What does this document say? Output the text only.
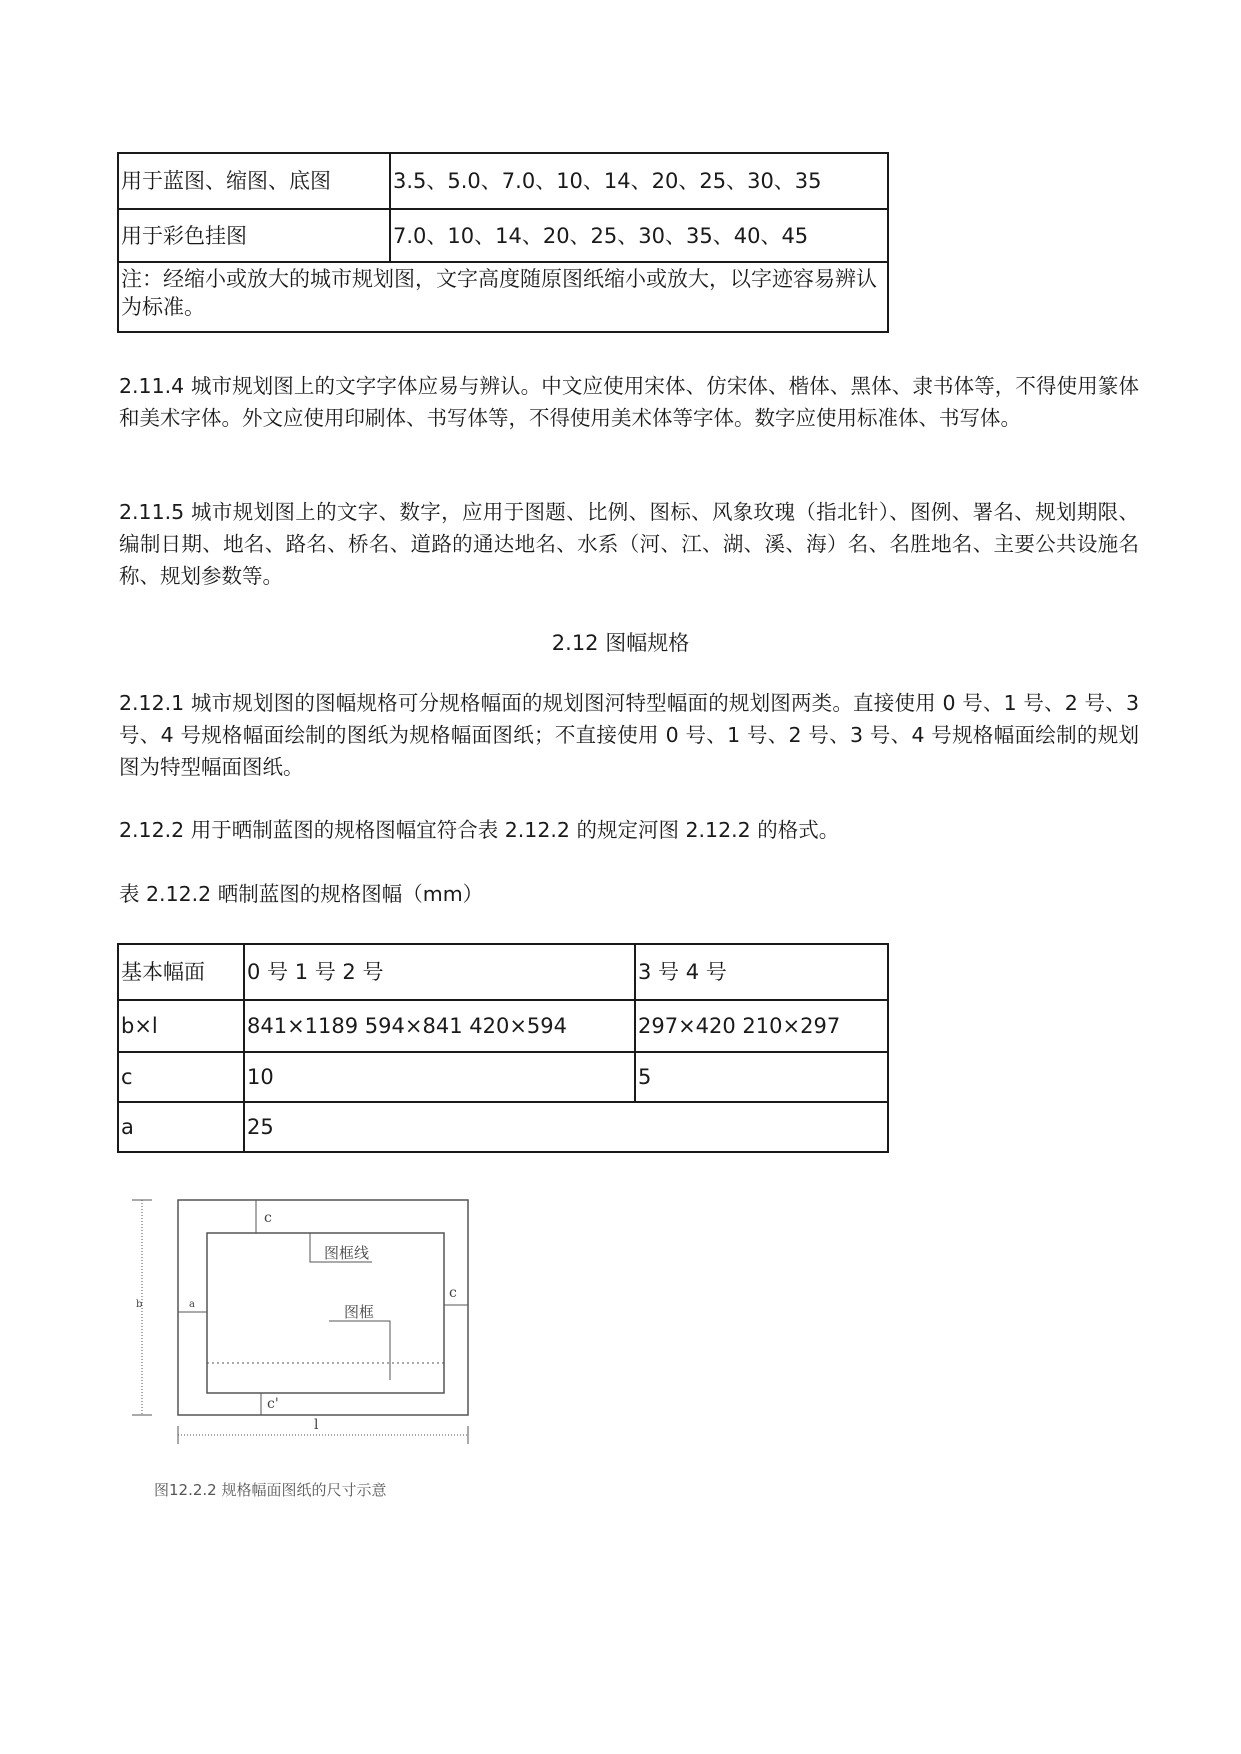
用于蓝图、缩图、底图	3.5、5.0、7.0、10、14、20、25、30、35
用于彩色挂图	7.0、10、14、20、25、30、35、40、45
注：经缩小或放大的城市规划图，文字高度随原图纸缩小或放大，以字迹容易辨认为标准。	

2.11.4 城市规划图上的文字字体应易与辨认。中文应使用宋体、仿宋体、楷体、黑体、隶书体等，不得使用篆体和美术字体。外文应使用印刷体、书写体等，不得使用美术体等字体。数字应使用标准体、书写体。

2.11.5 城市规划图上的文字、数字，应用于图题、比例、图标、风象玫瑰（指北针）、图例、署名、规划期限、编制日期、地名、路名、桥名、道路的通达地名、水系（河、江、湖、溪、海）名、名胜地名、主要公共设施名称、规划参数等。

2.12 图幅规格

2.12.1 城市规划图的图幅规格可分规格幅面的规划图河特型幅面的规划图两类。直接使用 0 号、1 号、2 号、3 号、4 号规格幅面绘制的图纸为规格幅面图纸；不直接使用 0 号、1 号、2 号、3 号、4 号规格幅面绘制的规划图为特型幅面图纸。

2.12.2 用于晒制蓝图的规格图幅宜符合表 2.12.2 的规定河图 2.12.2 的格式。

表 2.12.2 晒制蓝图的规格图幅（mm）

基本幅面	0 号 1 号 2 号	3 号 4 号
b×l	841×1189 594×841 420×594	297×420 210×297
c	10	5
a	25	
c
c
c'
a
b
l
图框线
图框
图12.2.2 规格幅面图纸的尺寸示意
